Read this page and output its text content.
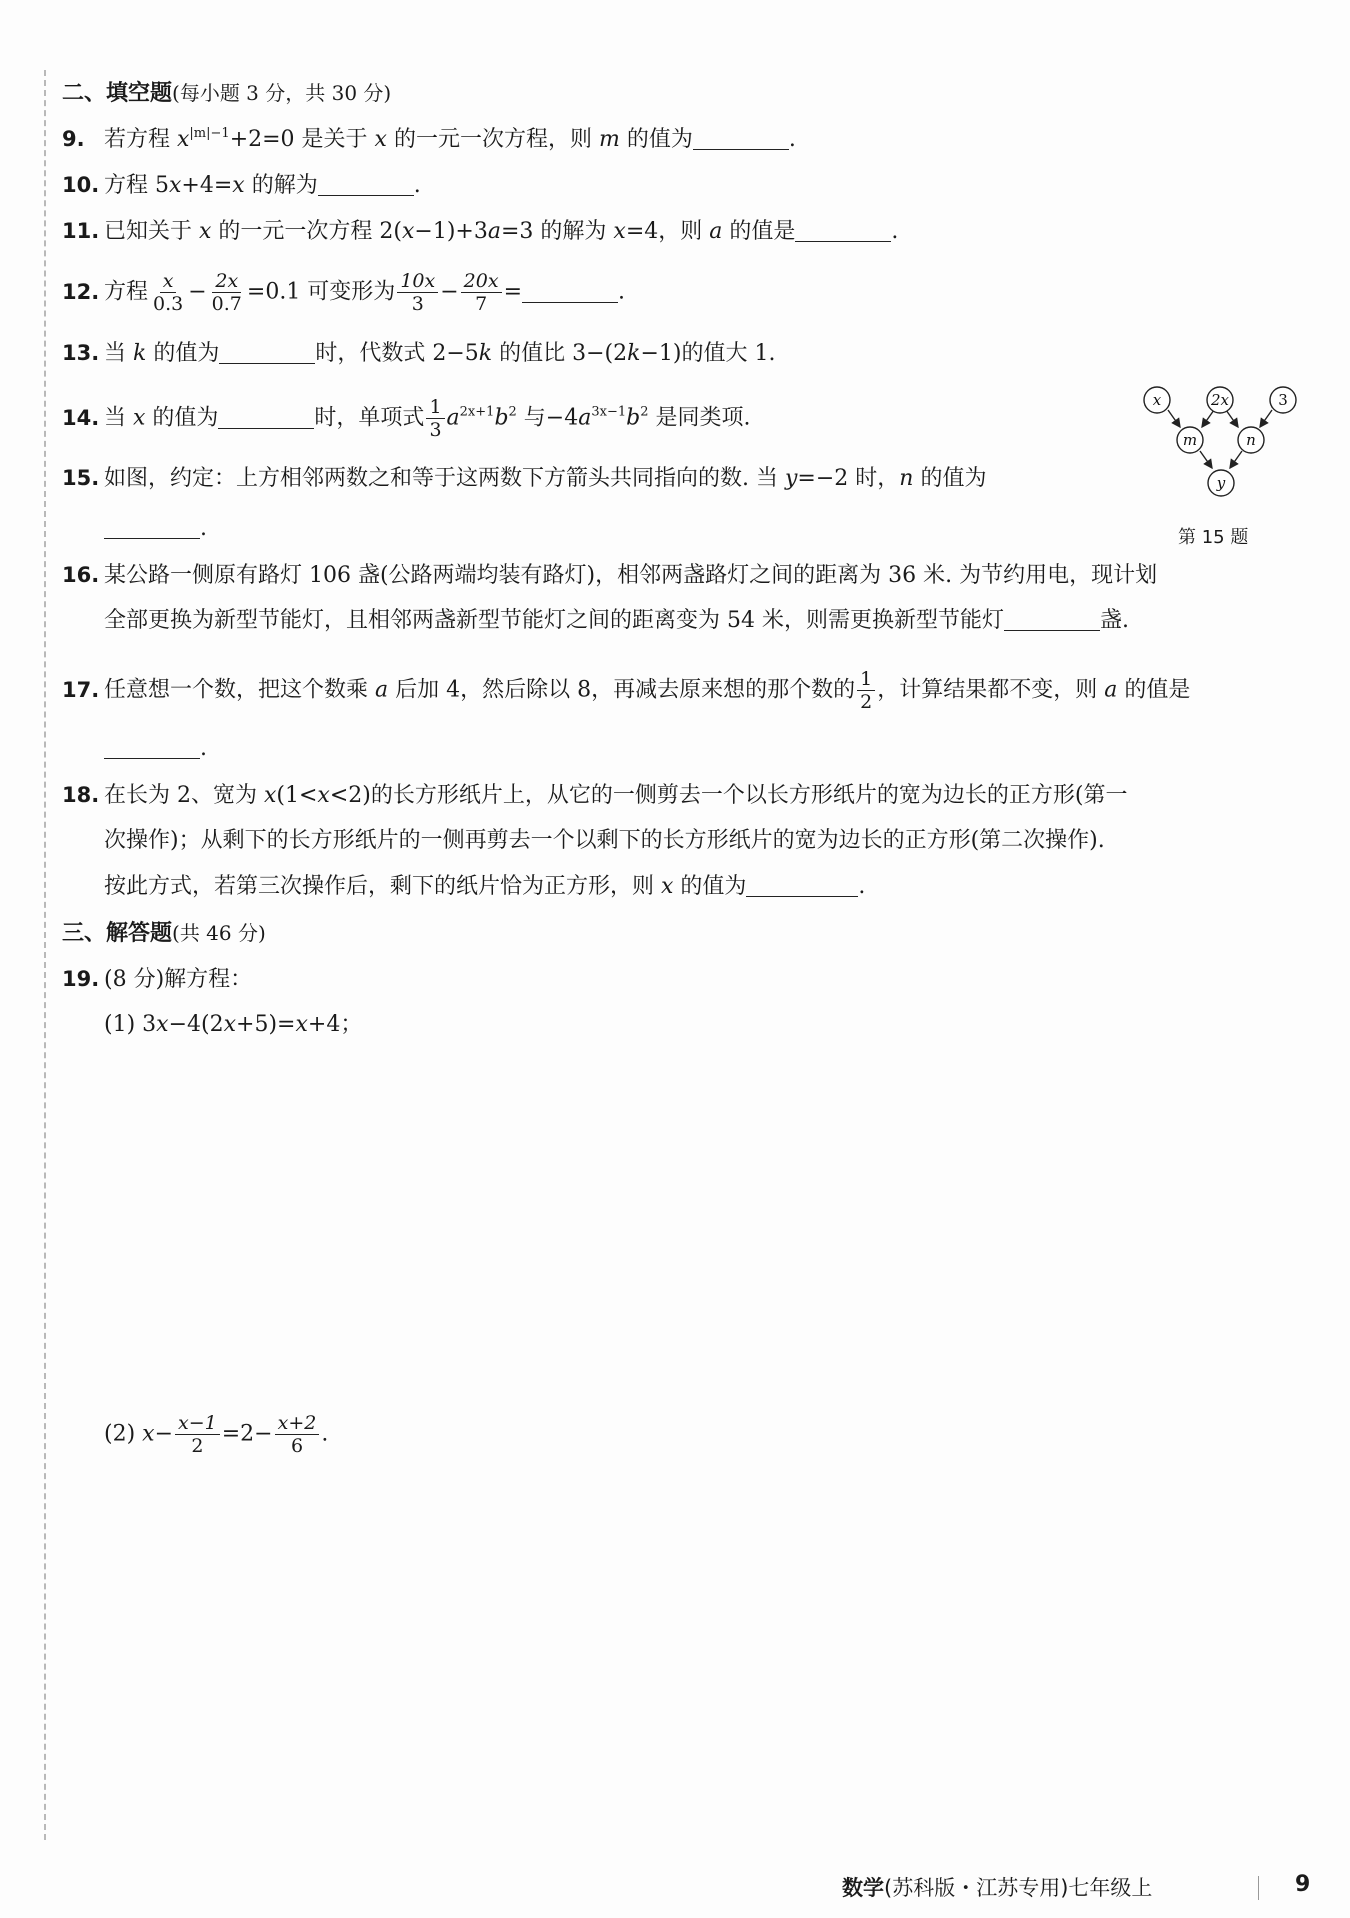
二、填空题(每小题 3 分，共 30 分)
9. 若方程 $x^{|m|-1}+2=0$ 是关于 x 的一元一次方程，则 m 的值为	.
10. 方程 5x+4=x 的解为	.
11. 已知关于 x 的一元一次方程 2(x−1)+3a=3 的解为 x=4，则 a 的值是	.
12. 方程 $\frac{x}{0.3} - \frac{2x}{0.7} =0.1$ 可变形为 $\frac{10x}{3} - \frac{20x}{7}$ =	.
13. 当 k 的值为	时，代数式 2−5k 的值比 3−(2k−1)的值大 1.
14. 当 x 的值为	时，单项式 $\frac{1}{3} a^{2x+1}b^2$ 与$-4a^{3x-1}b^2$ 是同类项.
15. 如图，约定：上方相邻两数之和等于这两数下方箭头共同指向的数. 当 y=−2 时，n 的值为
.
x	2x	3
m	n
y
第 15 题
16. 某公路一侧原有路灯 106 盏(公路两端均装有路灯)，相邻两盏路灯之间的距离为 36 米. 为节约用电，现计划
全部更换为新型节能灯，且相邻两盏新型节能灯之间的距离变为 54 米，则需更换新型节能灯	盏.
17. 任意想一个数，把这个数乘 a 后加 4，然后除以 8，再减去原来想的那个数的 $\frac{1}{2}$ ，计算结果都不变，则 a 的值是
.
18. 在长为 2、宽为 x(1<x<2)的长方形纸片上，从它的一侧剪去一个以长方形纸片的宽为边长的正方形(第一
次操作)；从剩下的长方形纸片的一侧再剪去一个以剩下的长方形纸片的宽为边长的正方形(第二次操作).
按此方式，若第三次操作后，剩下的纸片恰为正方形，则 x 的值为	.
三、解答题(共 46 分)
19. (8 分)解方程：
(1) 3x−4(2x+5)=x+4；
(2) $x- \frac{x-1}{2} =2- \frac{x+2}{6}$ .
数学(苏科版・江苏专用)七年级上	9
